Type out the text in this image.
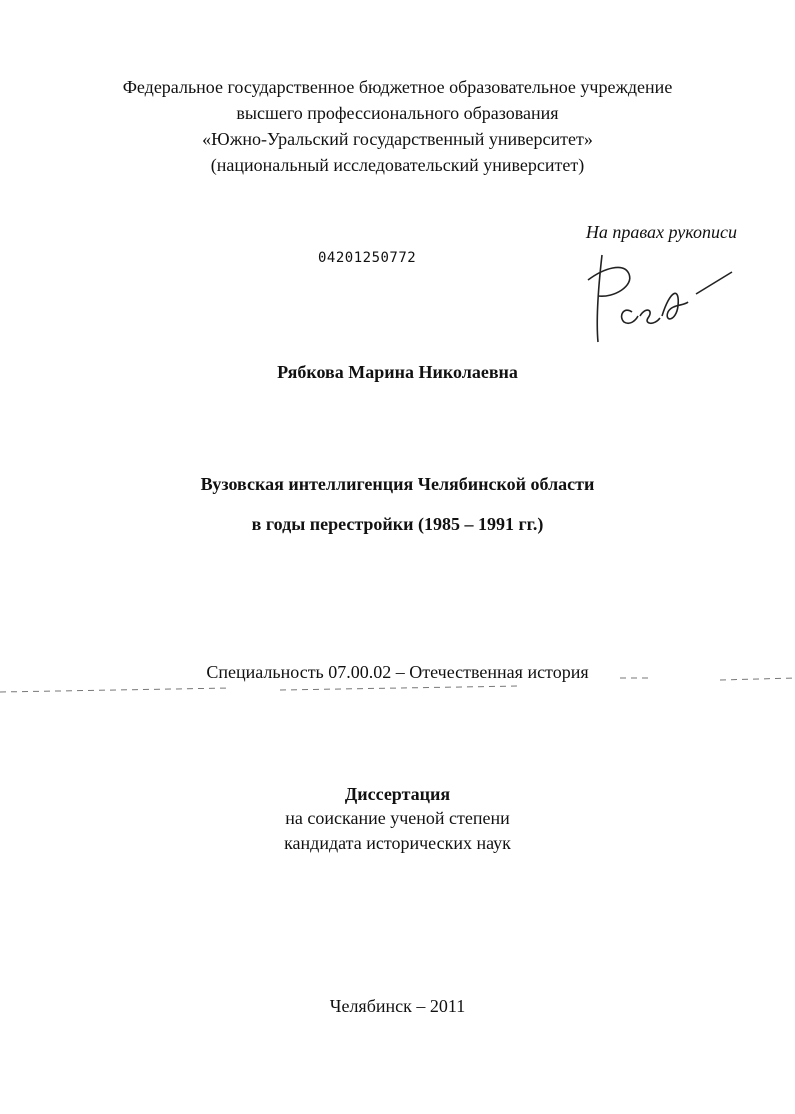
Федеральное государственное бюджетное образовательное учреждение
высшего профессионального образования
«Южно-Уральский государственный университет»
(национальный исследовательский университет)
На правах рукописи
04201250772
Рябкова Марина Николаевна
Вузовская интеллигенция Челябинской области
в годы перестройки (1985 – 1991 гг.)
Специальность 07.00.02 – Отечественная история
Диссертация
на соискание ученой степени
кандидата исторических наук
Челябинск – 2011
